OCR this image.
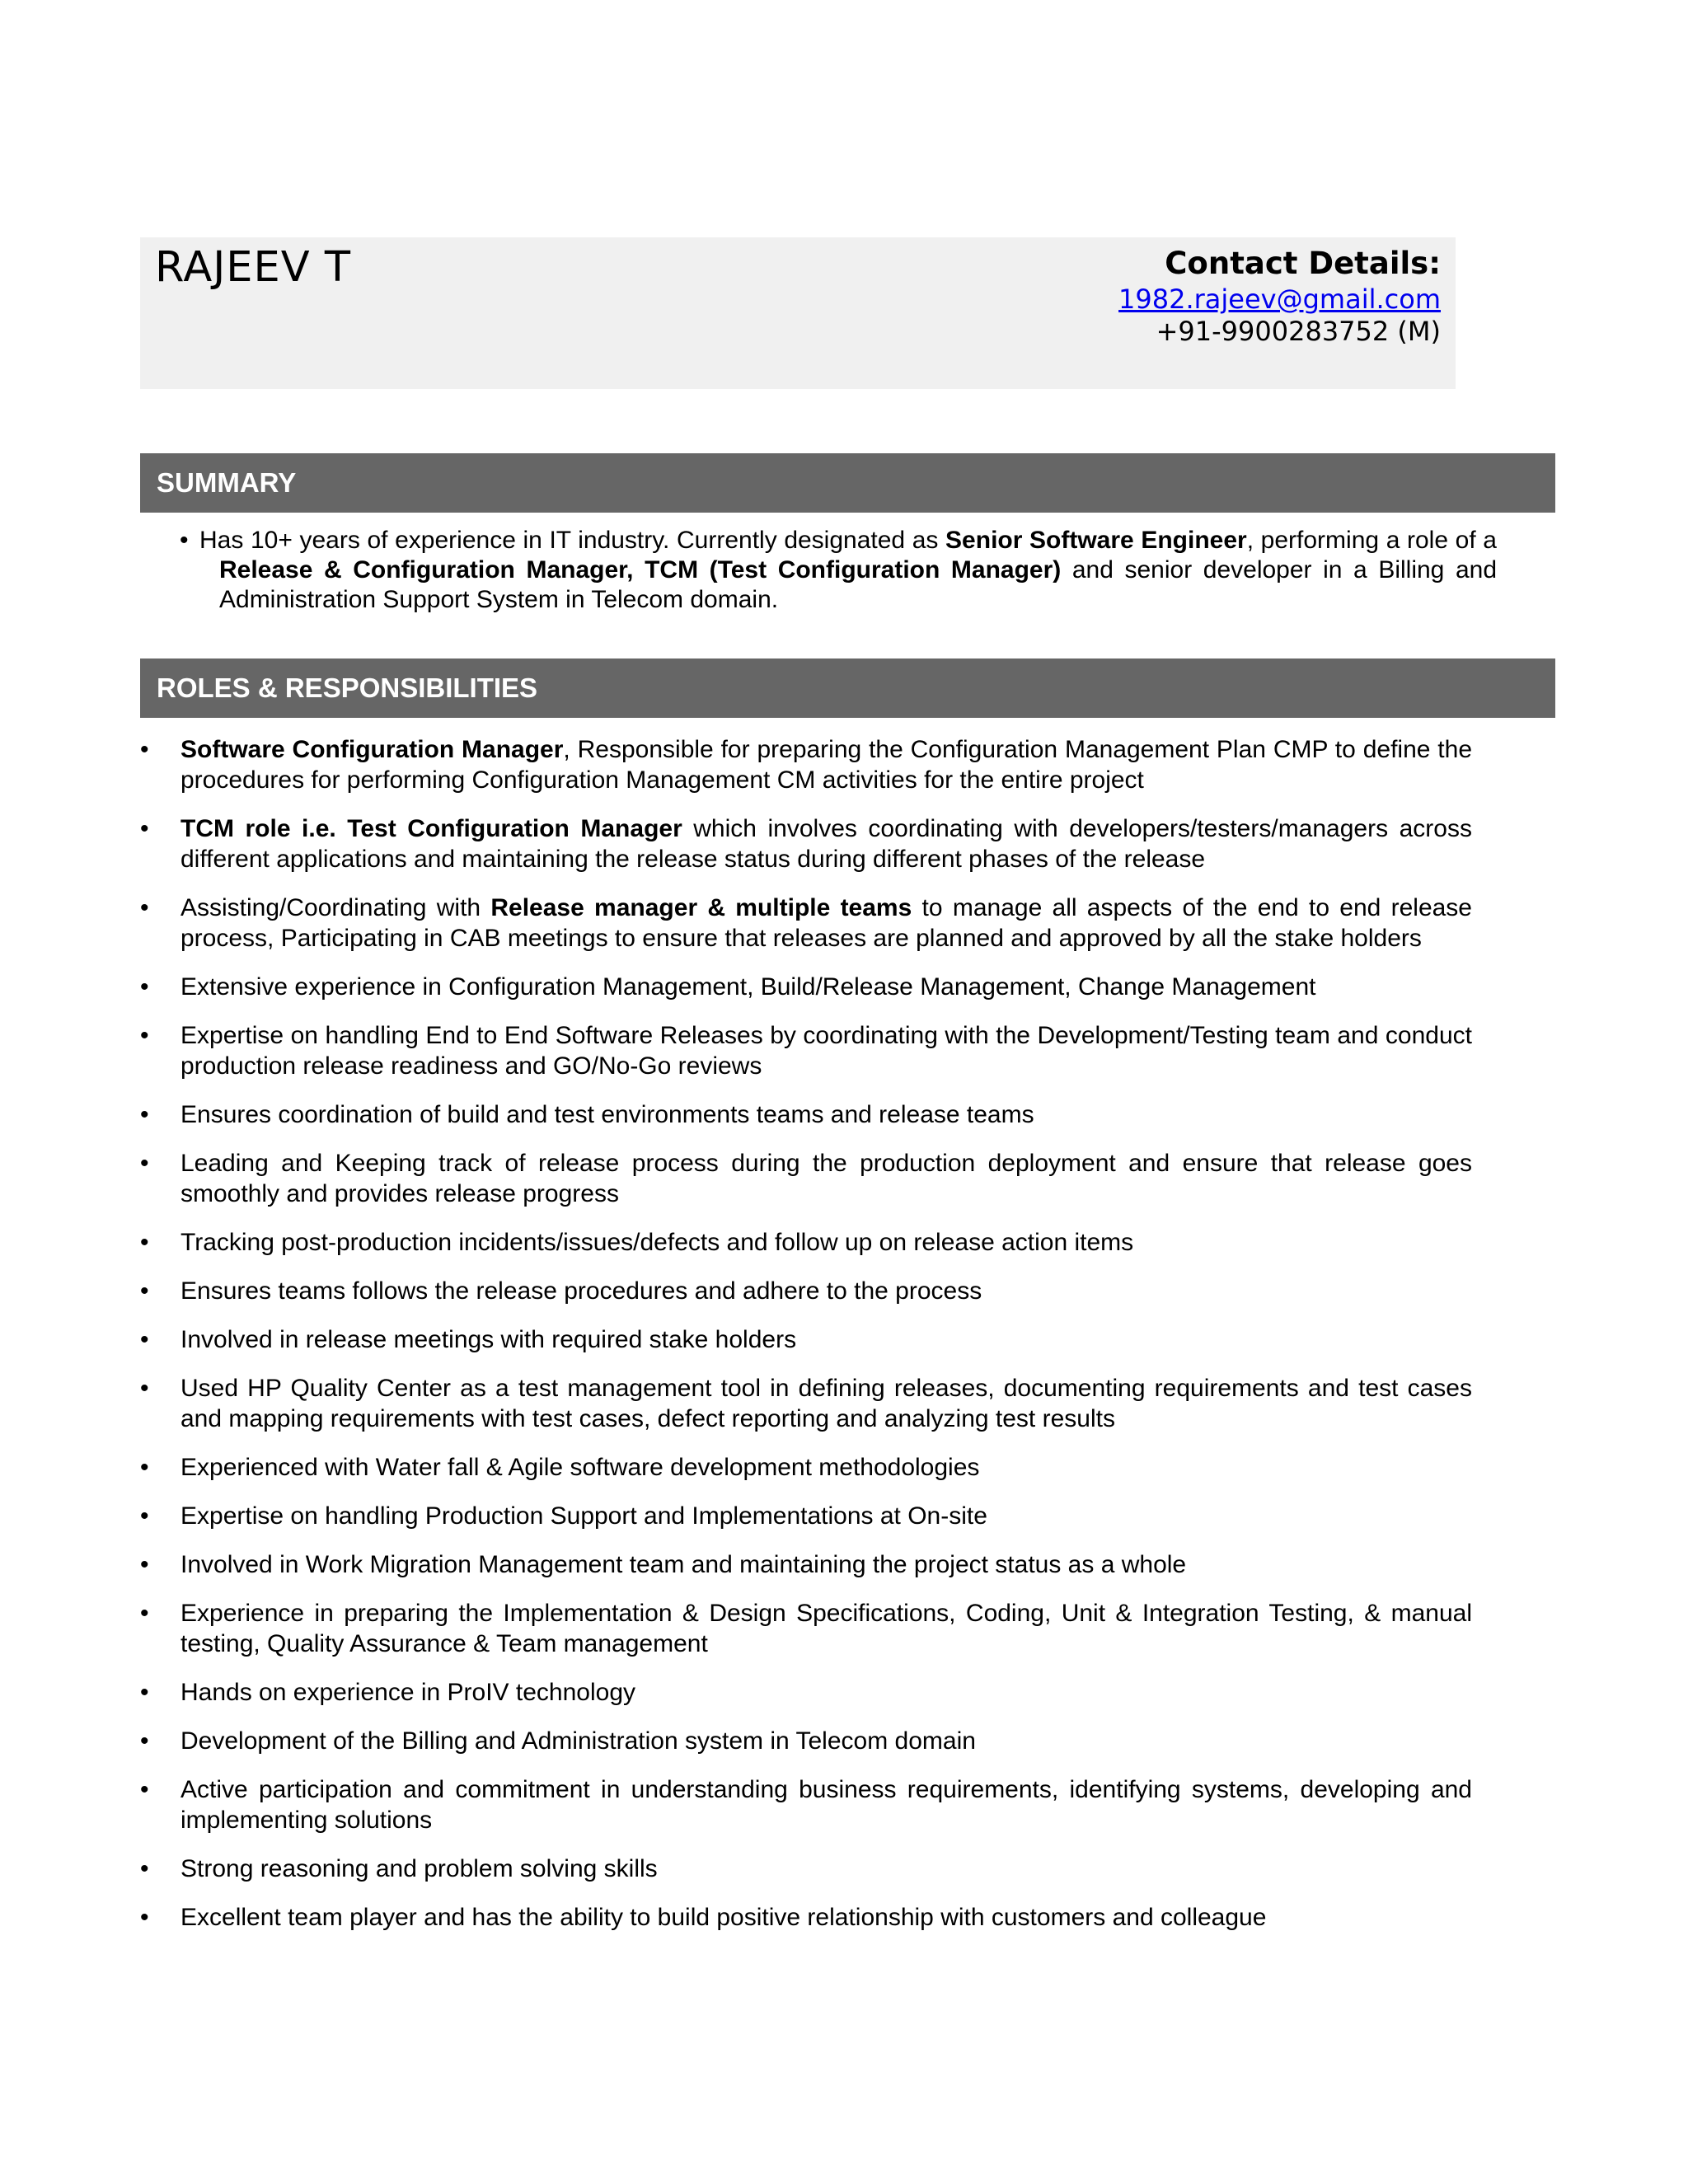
RAJEEV T	Contact Details:
1982.rajeev@gmail.com
+91-9900283752 (M)
SUMMARY
• Has 10+ years of experience in IT industry. Currently designated as Senior Software Engineer, performing a role of a Release & Configuration Manager, TCM (Test Configuration Manager) and senior developer in a Billing and Administration Support System in Telecom domain.
ROLES & RESPONSIBILITIES
•	Software Configuration Manager, Responsible for preparing the Configuration Management Plan CMP to define the procedures for performing Configuration Management CM activities for the entire project
•	TCM role i.e. Test Configuration Manager which involves coordinating with developers/testers/managers across different applications and maintaining the release status during different phases of the release
•	Assisting/Coordinating with Release manager & multiple teams to manage all aspects of the end to end release process, Participating in CAB meetings to ensure that releases are planned and approved by all the stake holders
•	Extensive experience in Configuration Management, Build/Release Management, Change Management
•	Expertise on handling End to End Software Releases by coordinating with the Development/Testing team and conduct production release readiness and GO/No-Go reviews
•	Ensures coordination of build and test environments teams and release teams
•	Leading and Keeping track of release process during the production deployment and ensure that release goes smoothly and provides release progress
•	Tracking post-production incidents/issues/defects and follow up on release action items
•	Ensures teams follows the release procedures and adhere to the process
•	Involved in release meetings with required stake holders
•	Used HP Quality Center as a test management tool in defining releases, documenting requirements and test cases and mapping requirements with test cases, defect reporting and analyzing test results
•	Experienced with Water fall & Agile software development methodologies
•	Expertise on handling Production Support and Implementations at On-site
•	Involved in Work Migration Management team and maintaining the project status as a whole
•	Experience in preparing the Implementation & Design Specifications, Coding, Unit & Integration Testing, & manual testing, Quality Assurance & Team management
•	Hands on experience in ProIV technology
•	Development of the Billing and Administration system in Telecom domain
•	Active participation and commitment in understanding business requirements, identifying systems, developing and implementing solutions
•	Strong reasoning and problem solving skills
•	Excellent team player and has the ability to build positive relationship with customers and colleague
